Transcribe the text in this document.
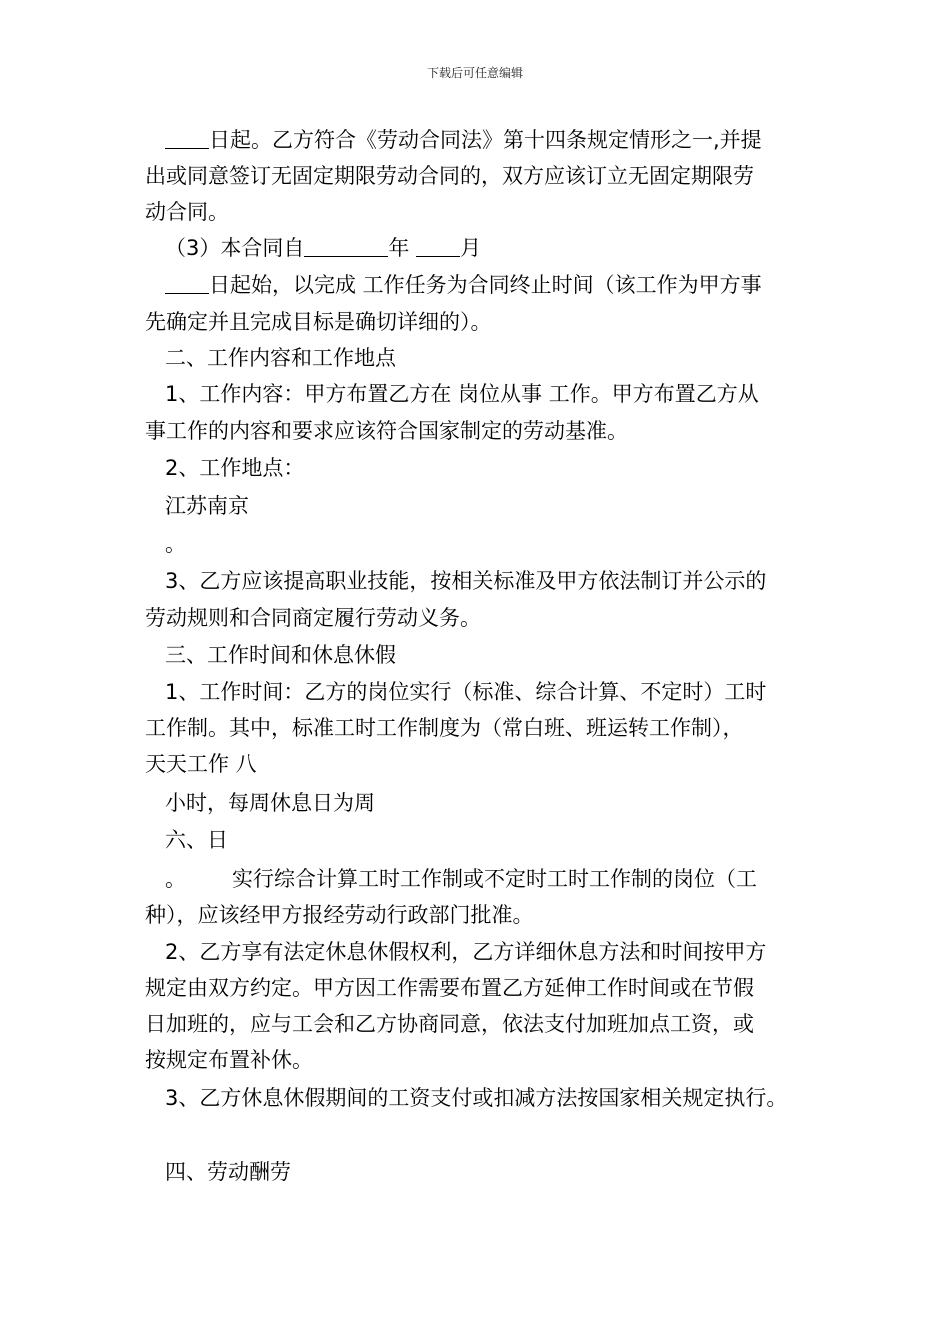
下载后可任意编辑
日起。乙方符合《劳动合同法》第十四条规定情形之一,并提
出或同意签订无固定期限劳动合同的，双方应该订立无固定期限劳
动合同。
（3）本合同自	年 月
日起始，以完成 工作任务为合同终止时间（该工作为甲方事
先确定并且完成目标是确切详细的）。
二、工作内容和工作地点
1、工作内容：甲方布置乙方在 岗位从事 工作。甲方布置乙方从
事工作的内容和要求应该符合国家制定的劳动基准。
2、工作地点：
江苏南京
。
3、乙方应该提高职业技能，按相关标准及甲方依法制订并公示的
劳动规则和合同商定履行劳动义务。
三、工作时间和休息休假
1、工作时间：乙方的岗位实行（标准、综合计算、不定时）工时
工作制。其中，标准工时工作制度为（常白班、班运转工作制），
天天工作 八
小时，每周休息日为周
六、日
。 实行综合计算工时工作制或不定时工时工作制的岗位（工
种），应该经甲方报经劳动行政部门批准。
2、乙方享有法定休息休假权利，乙方详细休息方法和时间按甲方
规定由双方约定。甲方因工作需要布置乙方延伸工作时间或在节假
日加班的，应与工会和乙方协商同意，依法支付加班加点工资，或
按规定布置补休。
3、乙方休息休假期间的工资支付或扣减方法按国家相关规定执行。
四、劳动酬劳
